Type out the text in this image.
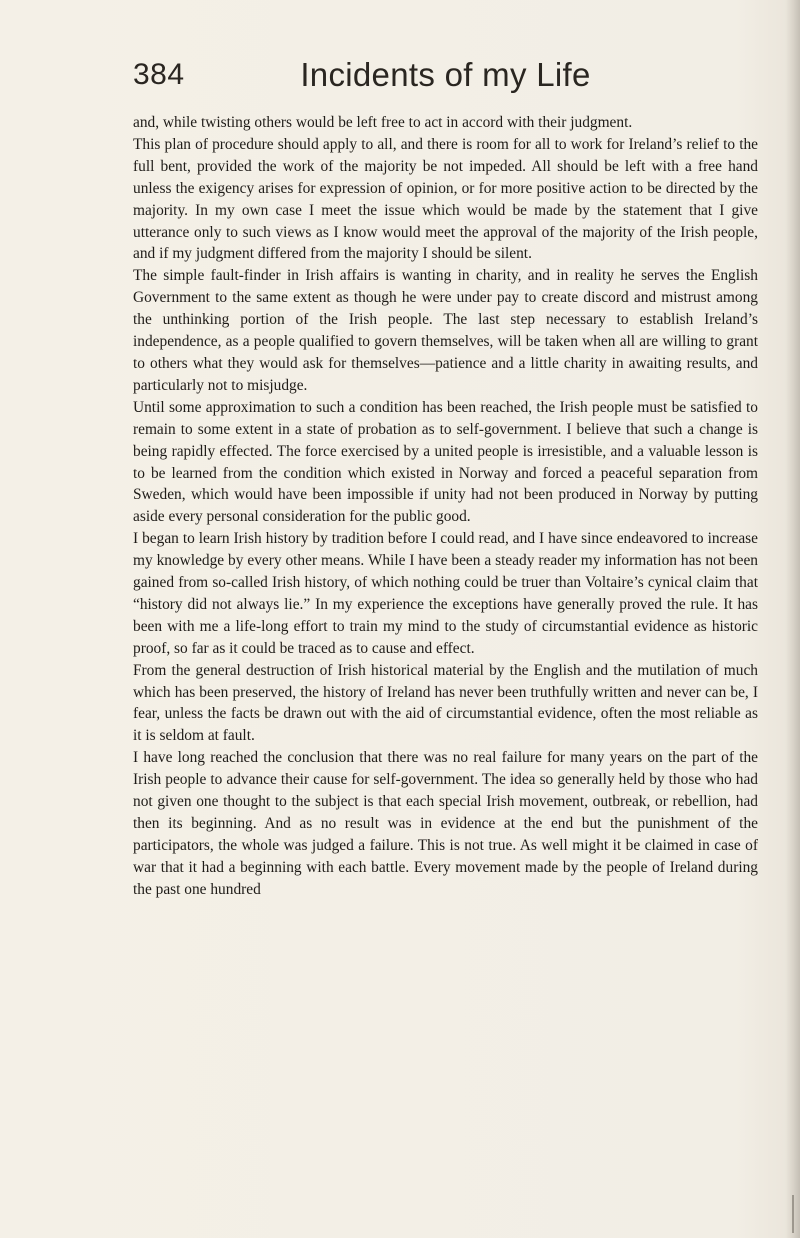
384	Incidents of my Life

and, while twisting others would be left free to act in accord with their judgment.

This plan of procedure should apply to all, and there is room for all to work for Ireland’s relief to the full bent, provided the work of the majority be not impeded. All should be left with a free hand unless the exigency arises for expression of opinion, or for more positive action to be directed by the majority. In my own case I meet the issue which would be made by the statement that I give utterance only to such views as I know would meet the approval of the majority of the Irish people, and if my judgment differed from the majority I should be silent.

The simple fault-finder in Irish affairs is wanting in charity, and in reality he serves the English Government to the same extent as though he were under pay to create discord and mistrust among the unthinking portion of the Irish people. The last step necessary to establish Ireland’s independence, as a people qualified to govern themselves, will be taken when all are willing to grant to others what they would ask for themselves—patience and a little charity in awaiting results, and particularly not to misjudge.

Until some approximation to such a condition has been reached, the Irish people must be satisfied to remain to some extent in a state of probation as to self-government. I believe that such a change is being rapidly effected. The force exercised by a united people is irresistible, and a valuable lesson is to be learned from the condition which existed in Norway and forced a peaceful separation from Sweden, which would have been impossible if unity had not been produced in Norway by putting aside every personal consideration for the public good.

I began to learn Irish history by tradition before I could read, and I have since endeavored to increase my knowledge by every other means. While I have been a steady reader my information has not been gained from so-called Irish history, of which nothing could be truer than Voltaire’s cynical claim that “history did not always lie.” In my experience the exceptions have generally proved the rule. It has been with me a life-long effort to train my mind to the study of circumstantial evidence as historic proof, so far as it could be traced as to cause and effect.

From the general destruction of Irish historical material by the English and the mutilation of much which has been preserved, the history of Ireland has never been truthfully written and never can be, I fear, unless the facts be drawn out with the aid of circumstantial evidence, often the most reliable as it is seldom at fault.

I have long reached the conclusion that there was no real failure for many years on the part of the Irish people to advance their cause for self-government. The idea so generally held by those who had not given one thought to the subject is that each special Irish movement, outbreak, or rebellion, had then its beginning. And as no result was in evidence at the end but the punishment of the participators, the whole was judged a failure. This is not true. As well might it be claimed in case of war that it had a beginning with each battle. Every movement made by the people of Ireland during the past one hundred
